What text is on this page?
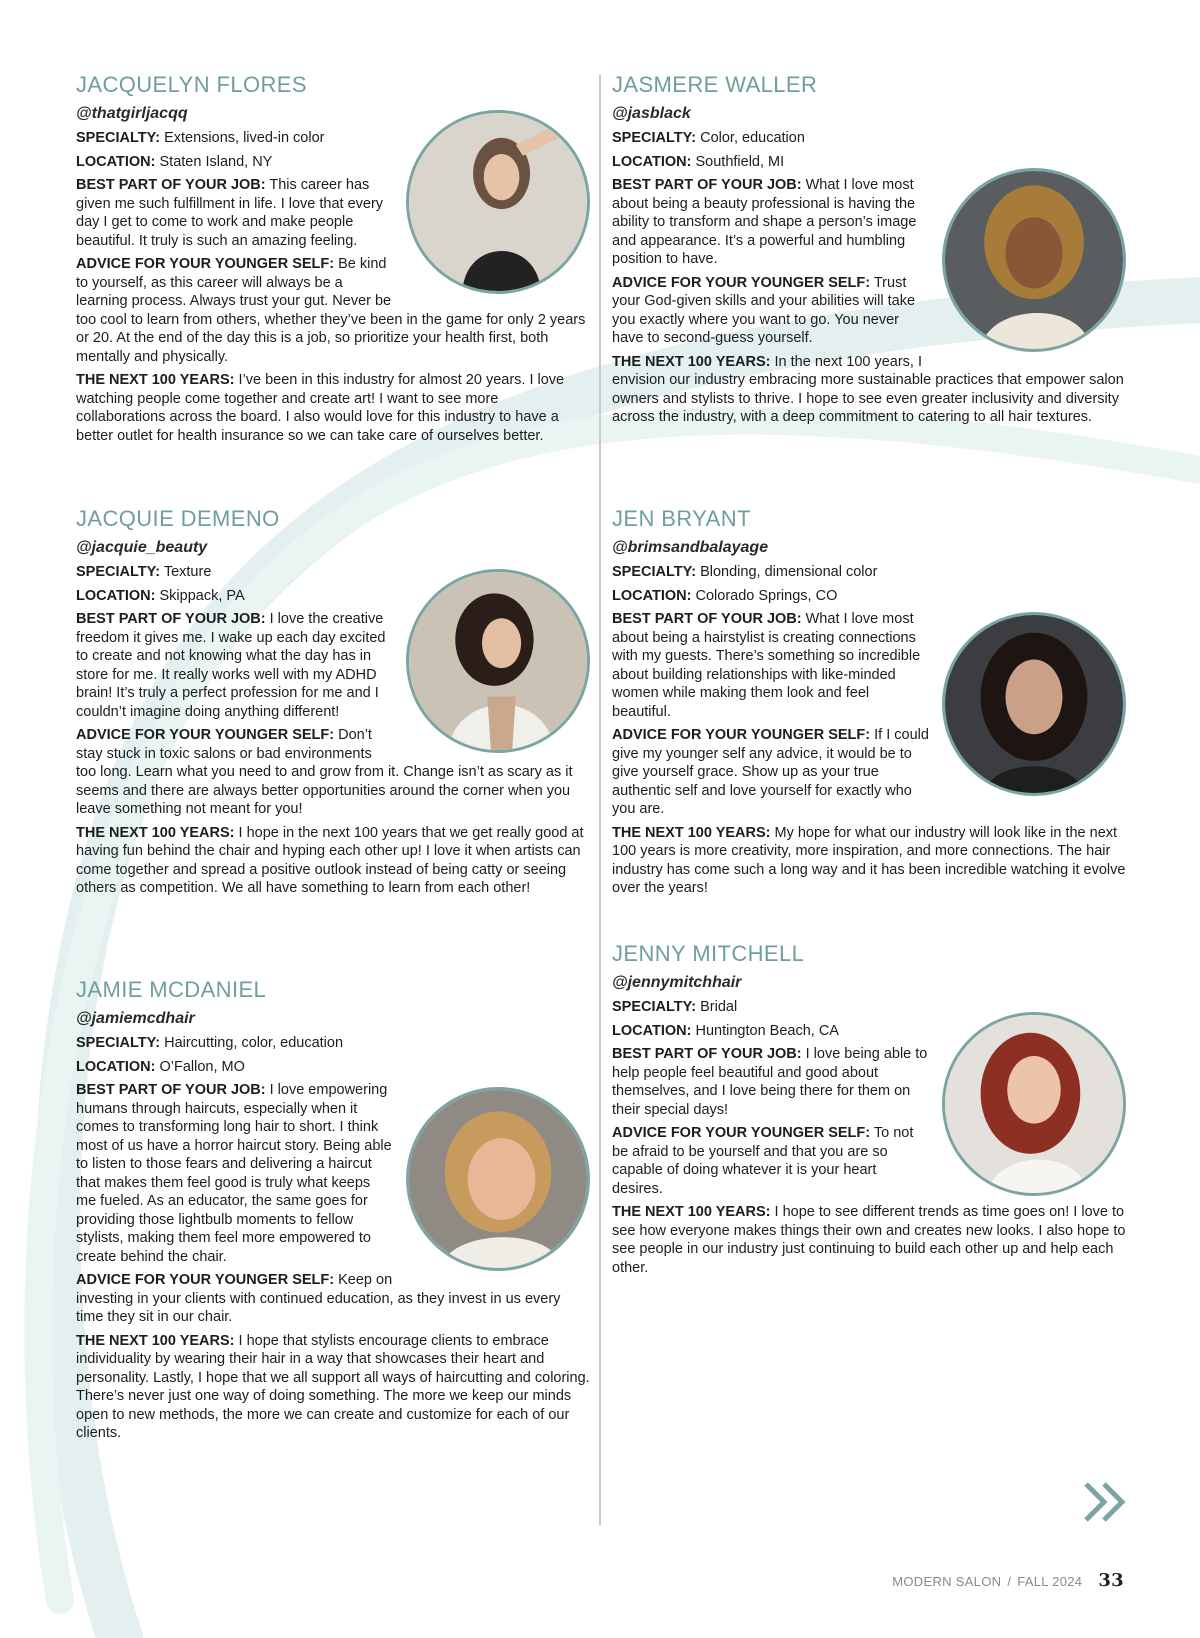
JACQUELYN FLORES
@thatgirljacqq
SPECIALTY: Extensions, lived-in color
LOCATION: Staten Island, NY
BEST PART OF YOUR JOB: This career has given me such fulfillment in life. I love that every day I get to come to work and make people beautiful. It truly is such an amazing feeling.
ADVICE FOR YOUR YOUNGER SELF: Be kind to yourself, as this career will always be a learning process. Always trust your gut. Never be too cool to learn from others, whether they’ve been in the game for only 2 years or 20. At the end of the day this is a job, so prioritize your health first, both mentally and physically.
THE NEXT 100 YEARS: I’ve been in this industry for almost 20 years. I love watching people come together and create art! I want to see more collaborations across the board. I also would love for this industry to have a better outlet for health insurance so we can take care of ourselves better.
JACQUIE DEMENO
@jacquie_beauty
SPECIALTY: Texture
LOCATION: Skippack, PA
BEST PART OF YOUR JOB: I love the creative freedom it gives me. I wake up each day excited to create and not knowing what the day has in store for me. It really works well with my ADHD brain! It’s truly a perfect profession for me and I couldn’t imagine doing anything different!
ADVICE FOR YOUR YOUNGER SELF: Don’t stay stuck in toxic salons or bad environments too long. Learn what you need to and grow from it. Change isn’t as scary as it seems and there are always better opportunities around the corner when you leave something not meant for you!
THE NEXT 100 YEARS: I hope in the next 100 years that we get really good at having fun behind the chair and hyping each other up! I love it when artists can come together and spread a positive outlook instead of being catty or seeing others as competition. We all have something to learn from each other!
JAMIE MCDANIEL
@jamiemcdhair
SPECIALTY: Haircutting, color, education
LOCATION: O’Fallon, MO
BEST PART OF YOUR JOB: I love empowering humans through haircuts, especially when it comes to transforming long hair to short. I think most of us have a horror haircut story. Being able to listen to those fears and delivering a haircut that makes them feel good is truly what keeps me fueled. As an educator, the same goes for providing those lightbulb moments to fellow stylists, making them feel more empowered to create behind the chair.
ADVICE FOR YOUR YOUNGER SELF: Keep on investing in your clients with continued education, as they invest in us every time they sit in our chair.
THE NEXT 100 YEARS: I hope that stylists encourage clients to embrace individuality by wearing their hair in a way that showcases their heart and personality. Lastly, I hope that we all support all ways of haircutting and coloring. There’s never just one way of doing something. The more we keep our minds open to new methods, the more we can create and customize for each of our clients.
JASMERE WALLER
@jasblack
SPECIALTY: Color, education
LOCATION: Southfield, MI
BEST PART OF YOUR JOB: What I love most about being a beauty professional is having the ability to transform and shape a person’s image and appearance. It’s a powerful and humbling position to have.
ADVICE FOR YOUR YOUNGER SELF: Trust your God-given skills and your abilities will take you exactly where you want to go. You never have to second-guess yourself.
THE NEXT 100 YEARS: In the next 100 years, I envision our industry embracing more sustainable practices that empower salon owners and stylists to thrive. I hope to see even greater inclusivity and diversity across the industry, with a deep commitment to catering to all hair textures.
JEN BRYANT
@brimsandbalayage
SPECIALTY: Blonding, dimensional color
LOCATION: Colorado Springs, CO
BEST PART OF YOUR JOB: What I love most about being a hairstylist is creating connections with my guests. There’s something so incredible about building relationships with like-minded women while making them look and feel beautiful.
ADVICE FOR YOUR YOUNGER SELF: If I could give my younger self any advice, it would be to give yourself grace. Show up as your true authentic self and love yourself for exactly who you are.
THE NEXT 100 YEARS: My hope for what our industry will look like in the next 100 years is more creativity, more inspiration, and more connections. The hair industry has come such a long way and it has been incredible watching it evolve over the years!
JENNY MITCHELL
@jennymitchhair
SPECIALTY: Bridal
LOCATION: Huntington Beach, CA
BEST PART OF YOUR JOB: I love being able to help people feel beautiful and good about themselves, and I love being there for them on their special days!
ADVICE FOR YOUR YOUNGER SELF: To not be afraid to be yourself and that you are so capable of doing whatever it is your heart desires.
THE NEXT 100 YEARS: I hope to see different trends as time goes on! I love to see how everyone makes things their own and creates new looks. I also hope to see people in our industry just continuing to build each other up and help each other.
MODERN SALON / FALL 2024 33
